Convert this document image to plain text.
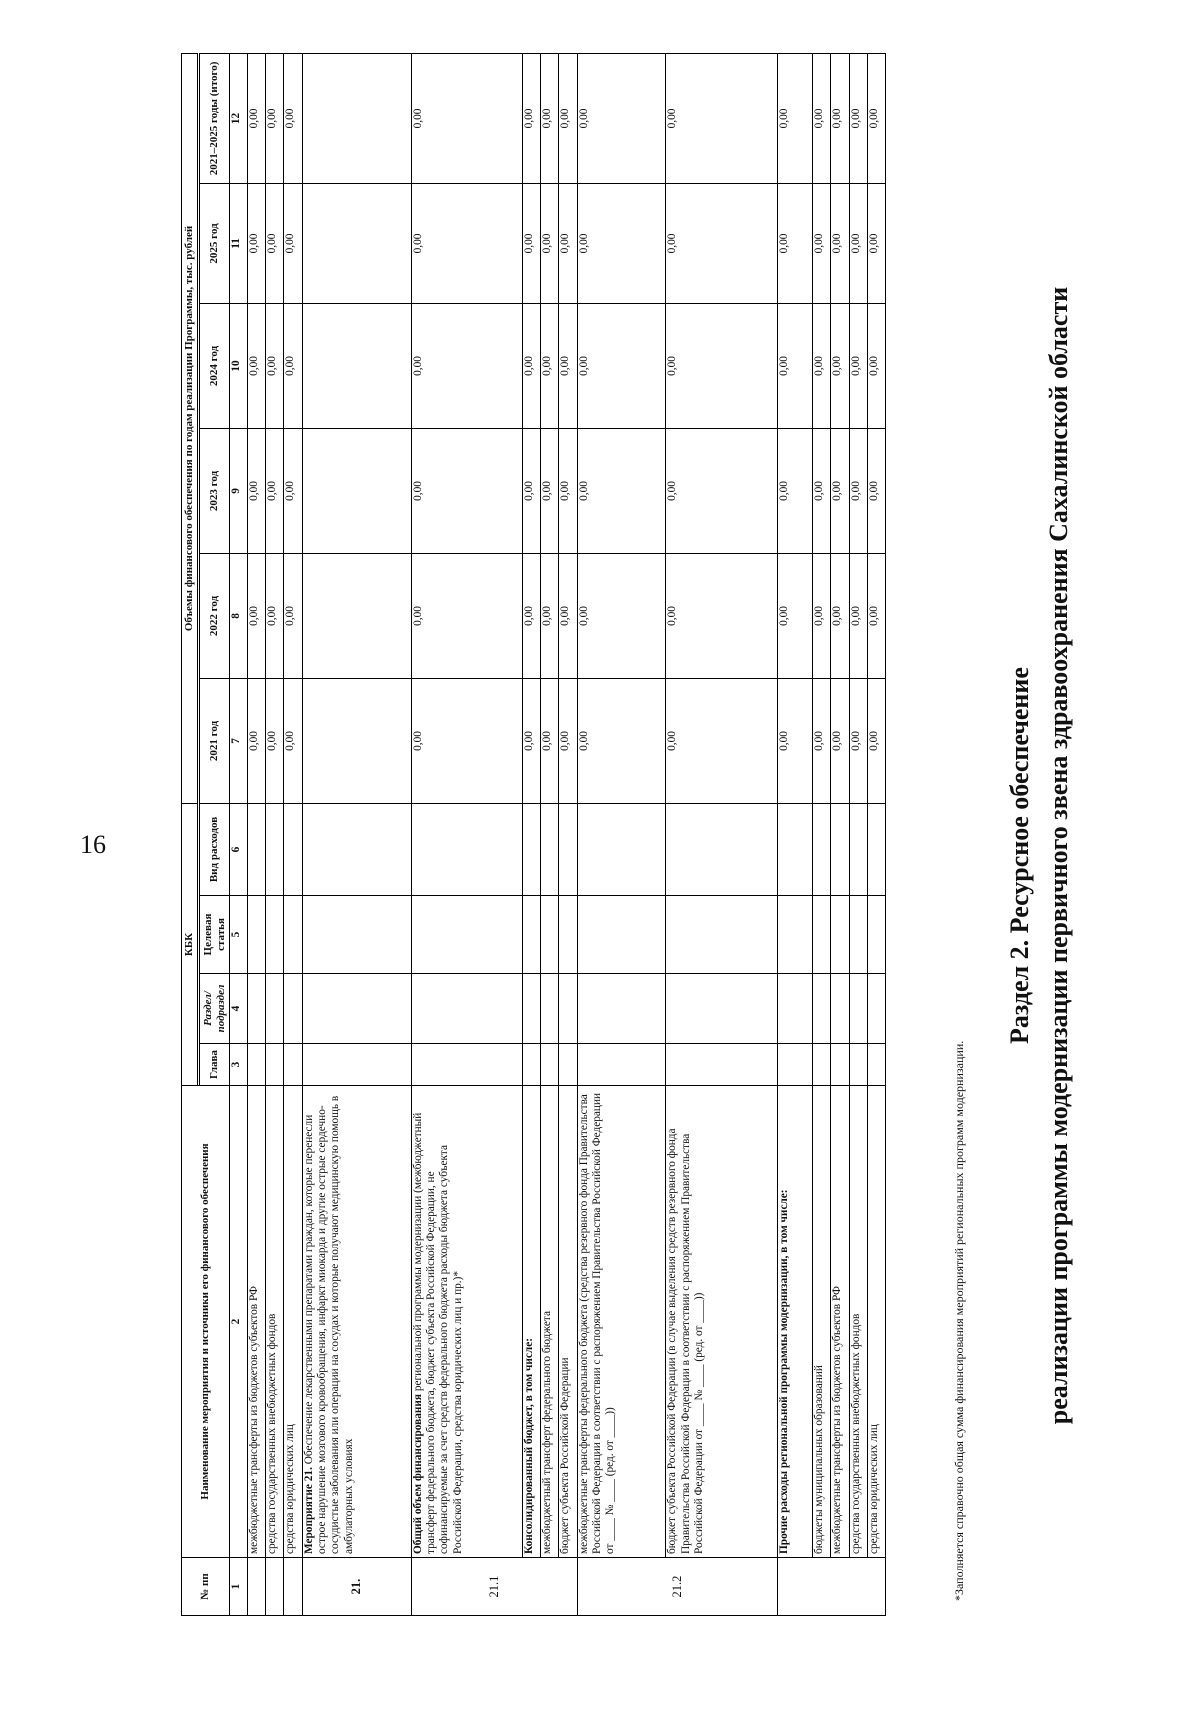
16
№ пп	Наименование мероприятия и источники его финансового обеспечения	КБК				Объемы финансового обеспечения по годам реализации Программы, тыс. рублей					

		Глава	Раздел/ подраздел	Целевая статья	Вид расходов	2021 год	2022 год	2023 год	2024 год	2025 год	2021–2025 годы (итого)
1	2	3	4	5	6	7	8	9	10	11	12
	межбюджетные трансферты из бюджетов субъектов РФ					0,00	0,00	0,00	0,00	0,00	0,00
	средства государственных внебюджетных фондов					0,00	0,00	0,00	0,00	0,00	0,00
	средства юридических лиц					0,00	0,00	0,00	0,00	0,00	0,00
21.	Мероприятие 21. Обеспечение лекарственными препаратами граждан, которые перенесли острое нарушение мозгового кровообращения, инфаркт миокарда и другие острые сердечно-сосудистые заболевания или операции на сосудах и которые получают медицинскую помощь в амбулаторных условиях										
21.1	Общий объем финансирования региональной программы модернизации (межбюджетный трансферт федерального бюджета, бюджет субъекта Российской Федерации, не софинансируемые за счет средств федерального бюджета расходы бюджета субъекта Российской Федерации, средства юридических лиц и пр.)*					0,00	0,00	0,00	0,00	0,00	0,00
	Консолидированный бюджет, в том числе:					0,00	0,00	0,00	0,00	0,00	0,00
	межбюджетный трансферт федерального бюджета					0,00	0,00	0,00	0,00	0,00	0,00
	бюджет субъекта Российской Федерации					0,00	0,00	0,00	0,00	0,00	0,00
21.2	межбюджетные трансферты федерального бюджета (средства резервного фонда Правительства Российской Федерации в соответствии с распоряжением Правительства Российской Федерации от ____ № ____ (ред. от ____))					0,00	0,00	0,00	0,00	0,00	0,00
	бюджет субъекта Российской Федерации (в случае выделения средств резервного фонда Правительства Российской Федерации в соответствии с распоряжением Правительства Российской Федерации от ____ № ____ (ред. от ____))					0,00	0,00	0,00	0,00	0,00	0,00
	Прочие расходы региональной программы модернизации, в том числе:					0,00	0,00	0,00	0,00	0,00	0,00
	бюджеты муниципальных образований					0,00	0,00	0,00	0,00	0,00	0,00
	межбюджетные трансферты из бюджетов субъектов РФ					0,00	0,00	0,00	0,00	0,00	0,00
	средства государственных внебюджетных фондов					0,00	0,00	0,00	0,00	0,00	0,00
	средства юридических лиц					0,00	0,00	0,00	0,00	0,00	0,00
*Заполняется справочно общая сумма финансирования мероприятий региональных программ модернизации.
Раздел 2. Ресурсное обеспечение реализации программы модернизации первичного звена здравоохранения Сахалинской области
